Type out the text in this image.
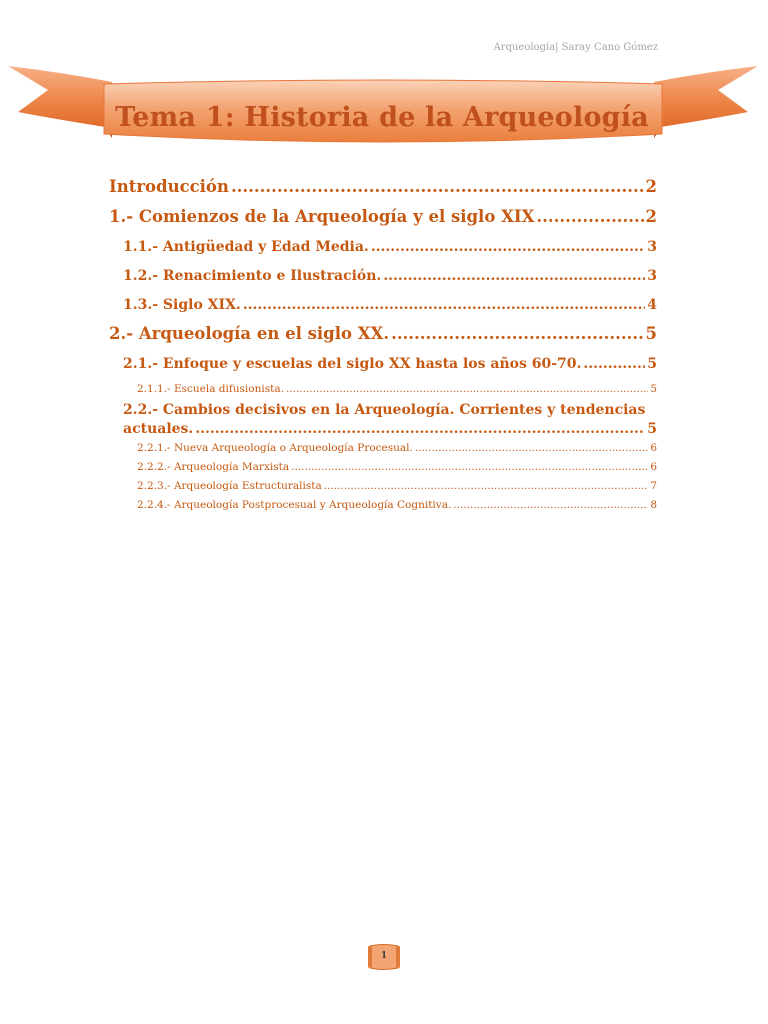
Arqueología| Saray Cano Gómez
Tema 1: Historia de la Arqueología
Introducción .....	2
1.- Comienzos de la Arqueología y el siglo XIX .....	2
1.1.- Antigüedad y Edad Media. .....	3
1.2.- Renacimiento e Ilustración. .....	3
1.3.- Siglo XIX. .....	4
2.- Arqueología en el siglo XX. .....	5
2.1.- Enfoque y escuelas del siglo XX hasta los años 60-70. .....	5
2.1.1.- Escuela difusionista. .....	5
2.2.- Cambios decisivos en la Arqueología. Corrientes y tendencias
actuales. .....	5
2.2.1.- Nueva Arqueología o Arqueología Procesual. .....	6
2.2.2.- Arqueología Marxista .....	6
2.2.3.- Arqueología Estructuralista .....	7
2.2.4.- Arqueología Postprocesual y Arqueología Cognitiva. .....	8
1
